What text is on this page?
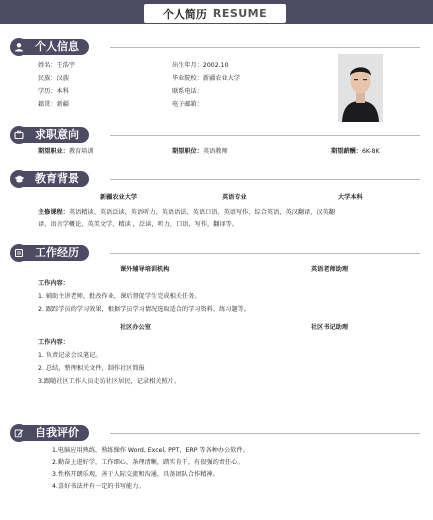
个人简历 RESUME
个人信息
姓名：王浩宇
民族：汉族
学历：本科
籍贯：新疆
出生年月：2002.10
毕业院校：新疆农业大学
联系电话：
电子邮箱：
求职意向
期望职业：教育培训	期望职位：英语教师	期望薪酬：6K-8K
教育背景
新疆农业大学	英语专业	大学本科
主修课程：英语精读、英语泛读、英语听力、英语语法、英语口语、英语写作、综合英语、英汉翻译、汉英翻
译、语言学概论、英美文学、精读 ，泛读，听力，口语，写作，翻译等。
工作经历
课外辅导培训机构	英语老师助理
工作内容：
1. 辅助主讲老师，批改作业，课后督促学生完成相关任务。
2. 跟踪学员的学习效果，根据学员学习情况选取适合的学习资料、练习题等。
社区办公室	社区书记助理
工作内容：
1. 负责记录会议笔记。
2. 总结，整理相关文件，制作社区简报
3.跟随社区工作人员走访社区居民，记录相关照片。
自我评价
1.电脑应用熟练，熟练操作 Word, Excel, PPT，ERP 等各种办公软件。
2.勤奋上进好学，工作细心，条理清晰，踏实肯干，有很强的责任心。
3.性格开朗乐观，善于人际交流和沟通，具备团队合作精神。
4.喜好书法并有一定的书写能力。
